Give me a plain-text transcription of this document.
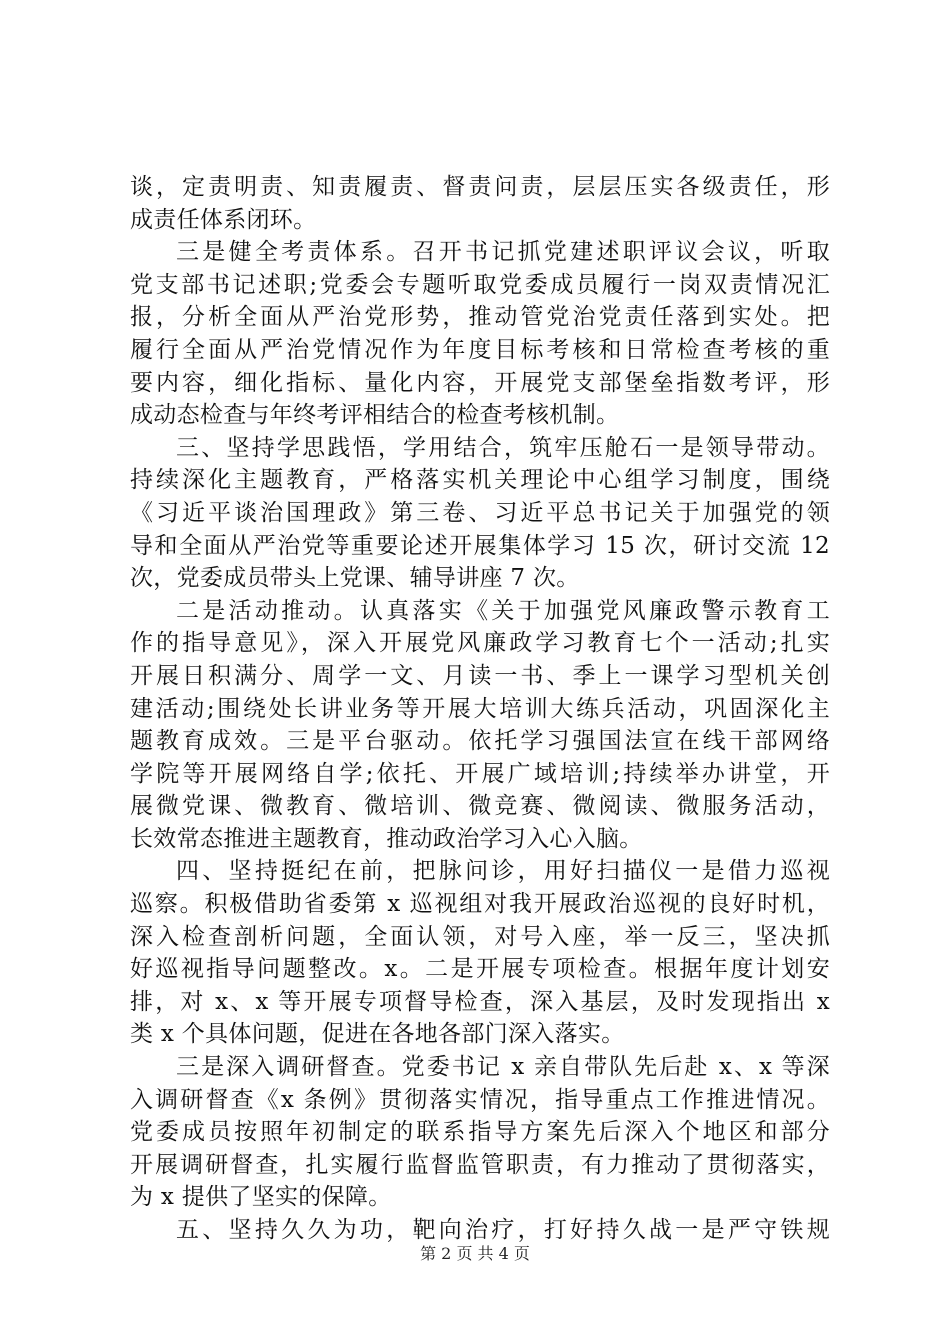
谈，定责明责、知责履责、督责问责，层层压实各级责任，形
成责任体系闭环。
三是健全考责体系。召开书记抓党建述职评议会议，听取
党支部书记述职;党委会专题听取党委成员履行一岗双责情况汇
报，分析全面从严治党形势，推动管党治党责任落到实处。把
履行全面从严治党情况作为年度目标考核和日常检查考核的重
要内容，细化指标、量化内容，开展党支部堡垒指数考评，形
成动态检查与年终考评相结合的检查考核机制。
三、坚持学思践悟，学用结合，筑牢压舱石一是领导带动。
持续深化主题教育，严格落实机关理论中心组学习制度，围绕
《习近平谈治国理政》第三卷、习近平总书记关于加强党的领
导和全面从严治党等重要论述开展集体学习 15 次，研讨交流 12
次，党委成员带头上党课、辅导讲座 7 次。
二是活动推动。认真落实《关于加强党风廉政警示教育工
作的指导意见》，深入开展党风廉政学习教育七个一活动;扎实
开展日积满分、周学一文、月读一书、季上一课学习型机关创
建活动;围绕处长讲业务等开展大培训大练兵活动，巩固深化主
题教育成效。三是平台驱动。依托学习强国法宣在线干部网络
学院等开展网络自学;依托、开展广域培训;持续举办讲堂，开
展微党课、微教育、微培训、微竞赛、微阅读、微服务活动，
长效常态推进主题教育，推动政治学习入心入脑。
四、坚持挺纪在前，把脉问诊，用好扫描仪一是借力巡视
巡察。积极借助省委第 x 巡视组对我开展政治巡视的良好时机，
深入检查剖析问题，全面认领，对号入座，举一反三，坚决抓
好巡视指导问题整改。x。二是开展专项检查。根据年度计划安
排，对 x、x 等开展专项督导检查，深入基层，及时发现指出 x
类 x 个具体问题，促进在各地各部门深入落实。
三是深入调研督查。党委书记 x 亲自带队先后赴 x、x 等深
入调研督查《x 条例》贯彻落实情况，指导重点工作推进情况。
党委成员按照年初制定的联系指导方案先后深入个地区和部分
开展调研督查，扎实履行监督监管职责，有力推动了贯彻落实，
为 x 提供了坚实的保障。
五、坚持久久为功，靶向治疗，打好持久战一是严守铁规
第 2 页 共 4 页
